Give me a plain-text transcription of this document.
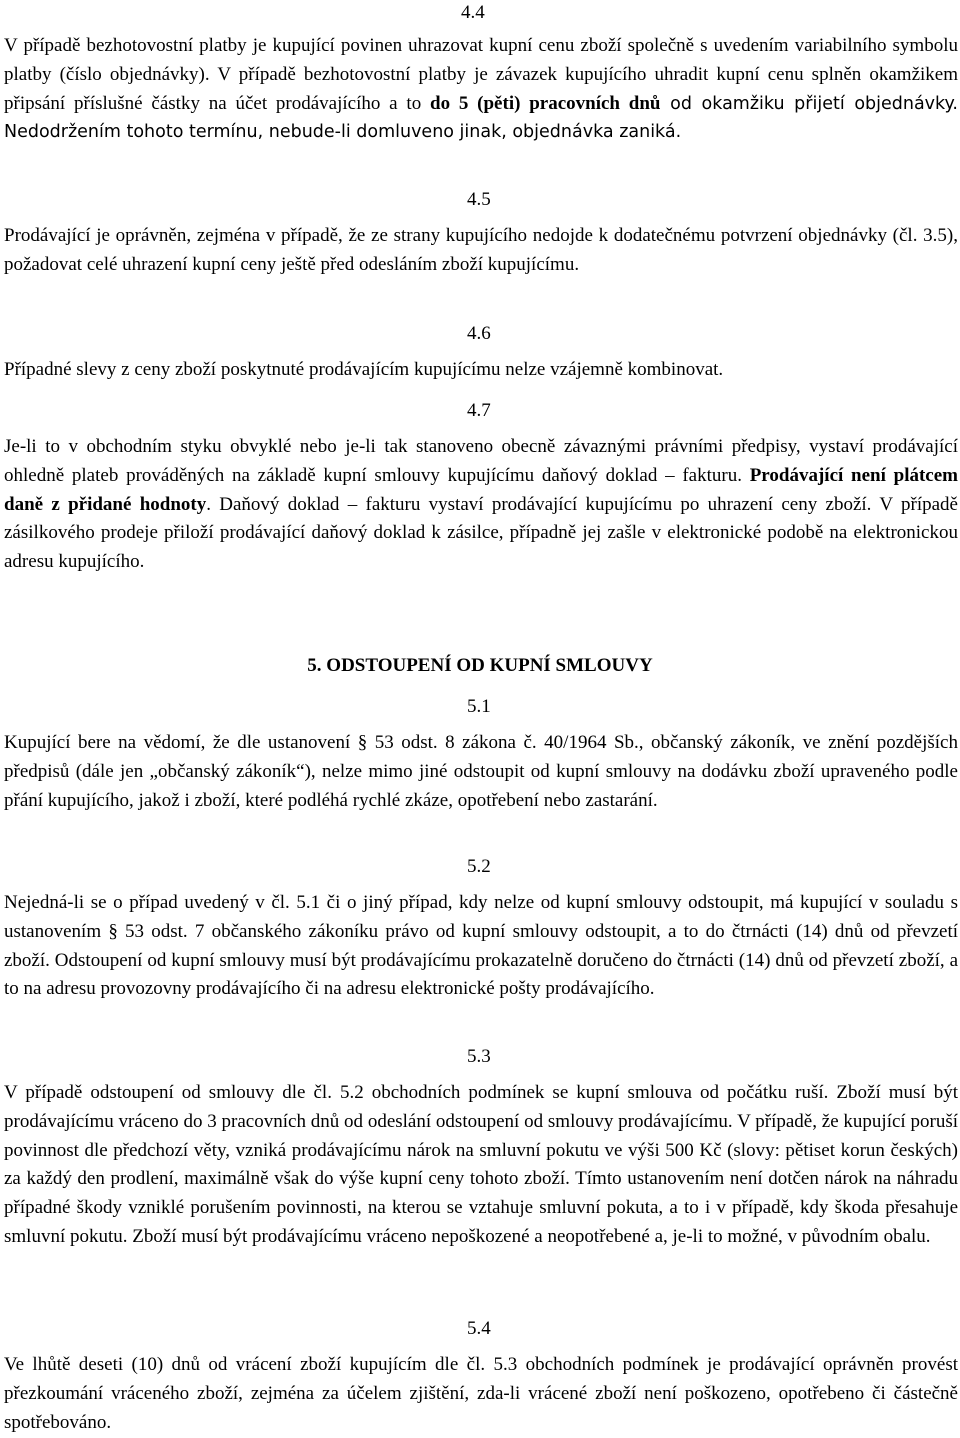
4.4
V případě bezhotovostní platby je kupující povinen uhrazovat kupní cenu zboží společně s uvedením variabilního symbolu platby (číslo objednávky). V případě bezhotovostní platby je závazek kupujícího uhradit kupní cenu splněn okamžikem připsání příslušné částky na účet prodávajícího a to do 5 (pěti) pracovních dnů od okamžiku přijetí objednávky. Nedodržením tohoto termínu, nebude-li domluveno jinak, objednávka zaniká.
4.5
Prodávající je oprávněn, zejména v případě, že ze strany kupujícího nedojde k dodatečnému potvrzení objednávky (čl. 3.5), požadovat celé uhrazení kupní ceny ještě před odesláním zboží kupujícímu.
4.6
Případné slevy z ceny zboží poskytnuté prodávajícím kupujícímu nelze vzájemně kombinovat.
4.7
Je-li to v obchodním styku obvyklé nebo je-li tak stanoveno obecně závaznými právními předpisy, vystaví prodávající ohledně plateb prováděných na základě kupní smlouvy kupujícímu daňový doklad – fakturu. Prodávající není plátcem daně z přidané hodnoty. Daňový doklad – fakturu vystaví prodávající kupujícímu po uhrazení ceny zboží. V případě zásilkového prodeje přiloží prodávající daňový doklad k zásilce, případně jej zašle v elektronické podobě na elektronickou adresu kupujícího.
5. ODSTOUPENÍ OD KUPNÍ SMLOUVY
5.1
Kupující bere na vědomí, že dle ustanovení § 53 odst. 8 zákona č. 40/1964 Sb., občanský zákoník, ve znění pozdějších předpisů (dále jen „občanský zákoník“), nelze mimo jiné odstoupit od kupní smlouvy na dodávku zboží upraveného podle přání kupujícího, jakož i zboží, které podléhá rychlé zkáze, opotřebení nebo zastarání.
5.2
Nejedná-li se o případ uvedený v čl. 5.1 či o jiný případ, kdy nelze od kupní smlouvy odstoupit, má kupující v souladu s ustanovením § 53 odst. 7 občanského zákoníku právo od kupní smlouvy odstoupit, a to do čtrnácti (14) dnů od převzetí zboží. Odstoupení od kupní smlouvy musí být prodávajícímu prokazatelně doručeno do čtrnácti (14) dnů od převzetí zboží, a to na adresu provozovny prodávajícího či na adresu elektronické pošty prodávajícího.
5.3
V případě odstoupení od smlouvy dle čl. 5.2 obchodních podmínek se kupní smlouva od počátku ruší. Zboží musí být prodávajícímu vráceno do 3 pracovních dnů od odeslání odstoupení od smlouvy prodávajícímu. V případě, že kupující poruší povinnost dle předchozí věty, vzniká prodávajícímu nárok na smluvní pokutu ve výši 500 Kč (slovy: pětiset korun českých) za každý den prodlení, maximálně však do výše kupní ceny tohoto zboží. Tímto ustanovením není dotčen nárok na náhradu případné škody vzniklé porušením povinnosti, na kterou se vztahuje smluvní pokuta, a to i v případě, kdy škoda přesahuje smluvní pokutu. Zboží musí být prodávajícímu vráceno nepoškozené a neopotřebené a, je-li to možné, v původním obalu.
5.4
Ve lhůtě deseti (10) dnů od vrácení zboží kupujícím dle čl. 5.3 obchodních podmínek je prodávající oprávněn provést přezkoumání vráceného zboží, zejména za účelem zjištění, zda-li vrácené zboží není poškozeno, opotřebeno či částečně spotřebováno.
